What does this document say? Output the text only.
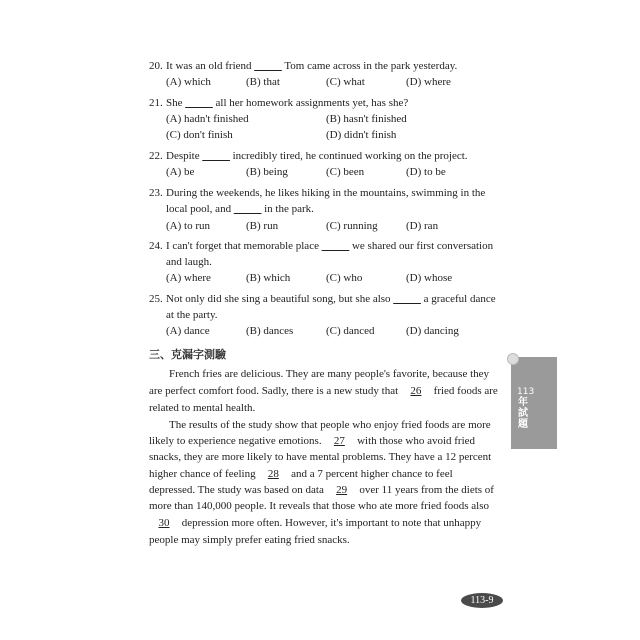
20. It was an old friend _____ Tom came across in the park yesterday.
(A) which	(B) that	(C) what	(D) where
21. She _____ all her homework assignments yet, has she?
(A) hadn't finished	(B) hasn't finished
(C) don't finish	(D) didn't finish
22. Despite _____ incredibly tired, he continued working on the project.
(A) be	(B) being	(C) been	(D) to be
23. During the weekends, he likes hiking in the mountains, swimming in the
local pool, and _____ in the park.
(A) to run	(B) run	(C) running	(D) ran
24. I can't forget that memorable place _____ we shared our first conversation
and laugh.
(A) where	(B) which	(C) who	(D) whose
25. Not only did she sing a beautiful song, but she also _____ a graceful dance
at the party.
(A) dance	(B) dances	(C) danced	(D) dancing
French fries are delicious. They are many people's favorite, because they
are perfect comfort food. Sadly, there is a new study that 26 fried foods are
related to mental health.
The results of the study show that people who enjoy fried foods are more
likely to experience negative emotions. 27 with those who avoid fried
snacks, they are more likely to have mental problems. They have a 12 percent
higher chance of feeling 28 and a 7 percent higher chance to feel
depressed. The study was based on data 29 over 11 years from the diets of
more than 140,000 people. It reveals that those who ate more fried foods also
30 depression more often. However, it's important to note that unhappy
people may simply prefer eating fried snacks.
三、克漏字測驗
113

年試題
113-9
